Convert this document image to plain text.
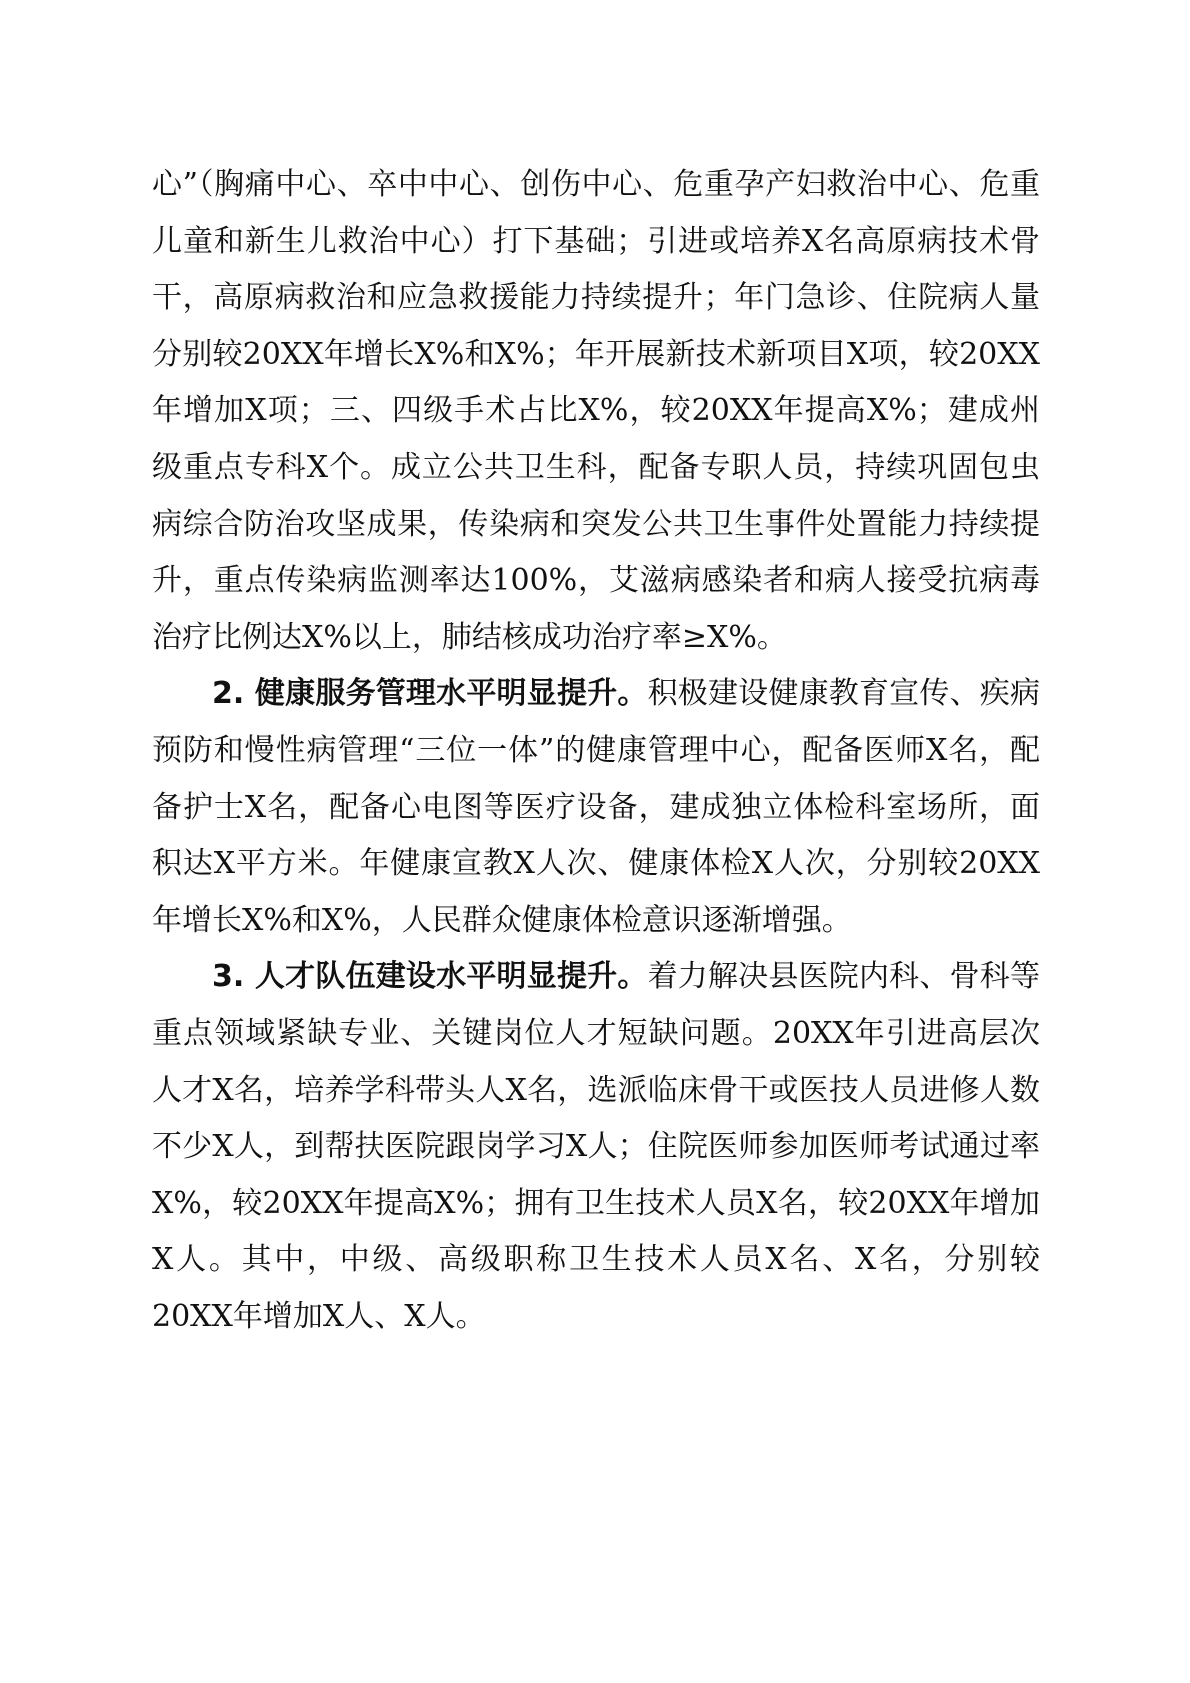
心”（胸痛中心、卒中中心、创伤中心、危重孕产妇救治中心、危重儿童和新生儿救治中心）打下基础；引进或培养X名高原病技术骨干，高原病救治和应急救援能力持续提升；年门急诊、住院病人量分别较20XX年增长X%和X%；年开展新技术新项目X项，较20XX年增加X项；三、四级手术占比X%，较20XX年提高X%；建成州级重点专科X个。成立公共卫生科，配备专职人员，持续巩固包虫病综合防治攻坚成果，传染病和突发公共卫生事件处置能力持续提升，重点传染病监测率达100%，艾滋病感染者和病人接受抗病毒治疗比例达X%以上，肺结核成功治疗率≥X%。

2. 健康服务管理水平明显提升。积极建设健康教育宣传、疾病预防和慢性病管理“三位一体”的健康管理中心，配备医师X名，配备护士X名，配备心电图等医疗设备，建成独立体检科室场所，面积达X平方米。年健康宣教X人次、健康体检X人次，分别较20XX年增长X%和X%，人民群众健康体检意识逐渐增强。

3. 人才队伍建设水平明显提升。着力解决县医院内科、骨科等重点领域紧缺专业、关键岗位人才短缺问题。20XX年引进高层次人才X名，培养学科带头人X名，选派临床骨干或医技人员进修人数不少X人，到帮扶医院跟岗学习X人；住院医师参加医师考试通过率X%，较20XX年提高X%；拥有卫生技术人员X名，较20XX年增加X人。其中，中级、高级职称卫生技术人员X名、X名，分别较20XX年增加X人、X人。
